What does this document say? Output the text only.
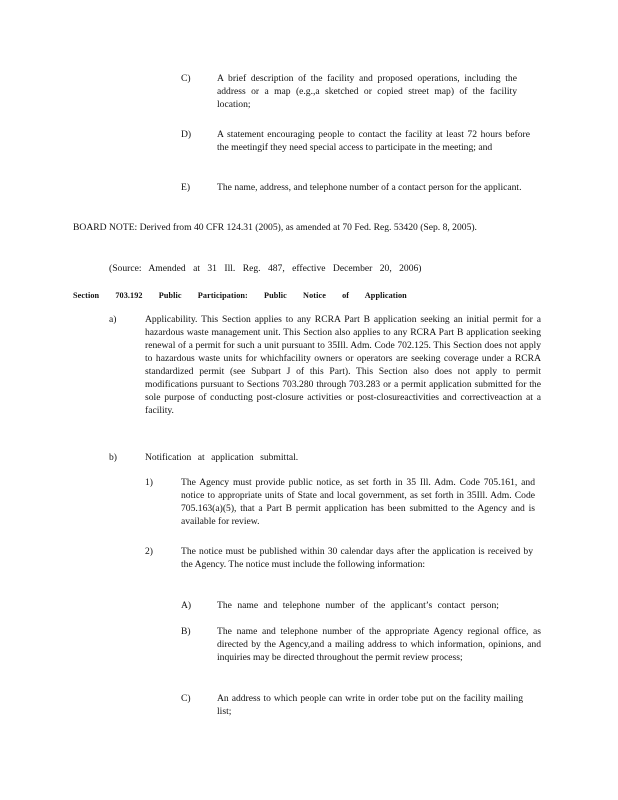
C)	A brief description of the facility and proposed operations, including the address or a map (e.g.,a sketched or copied street map) of the facility location;
D)	A statement encouraging people to contact the facility at least 72 hours before the meetingif they need special access to participate in the meeting; and
E)	The name, address, and telephone number of a contact person for the applicant.
BOARD NOTE: Derived from 40 CFR 124.31 (2005), as amended at 70 Fed. Reg. 53420 (Sep. 8, 2005).
(Source: Amended at 31 Ill. Reg. 487, effective December 20, 2006)
Section 703.192 Public Participation: Public Notice of Application
a)	Applicability. This Section applies to any RCRA Part B application seeking an initial permit for a hazardous waste management unit. This Section also applies to any RCRA Part B application seeking renewal of a permit for such a unit pursuant to 35Ill. Adm. Code 702.125. This Section does not apply to hazardous waste units for whichfacility owners or operators are seeking coverage under a RCRA standardized permit (see Subpart J of this Part). This Section also does not apply to permit modifications pursuant to Sections 703.280 through 703.283 or a permit application submitted for the sole purpose of conducting post-closure activities or post-closureactivities and correctiveaction at a facility.
b)	Notification at application submittal.
1)	The Agency must provide public notice, as set forth in 35 Ill. Adm. Code 705.161, and notice to appropriate units of State and local government, as set forth in 35Ill. Adm. Code 705.163(a)(5), that a Part B permit application has been submitted to the Agency and is available for review.
2)	The notice must be published within 30 calendar days after the application is received by the Agency. The notice must include the following information:
A)	The name and telephone number of the applicant’s contact person;
B)	The name and telephone number of the appropriate Agency regional office, as directed by the Agency,and a mailing address to which information, opinions, and inquiries may be directed throughout the permit review process;
C)	An address to which people can write in order tobe put on the facility mailing list;
